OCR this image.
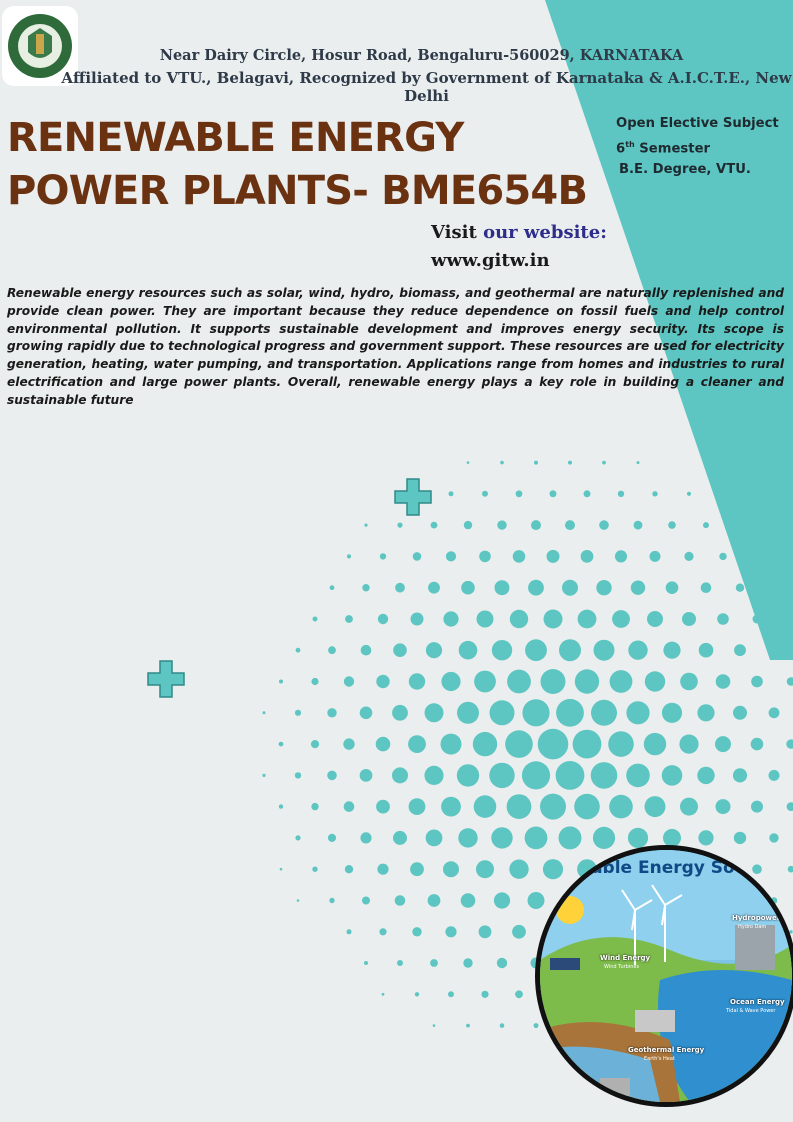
Near Dairy Circle, Hosur Road, Bengaluru-560029, KARNATAKA
Affiliated to VTU., Belagavi, Recognized by Government of Karnataka & A.I.C.T.E., New Delhi
RENEWABLE ENERGY
POWER PLANTS- BME654B
Open Elective Subject
6th Semester
B.E. Degree, VTU.
Visit our website:
www.gitw.in
Renewable energy resources such as solar, wind, hydro, biomass, and geothermal are naturally replenished and provide clean power. They are important because they reduce dependence on fossil fuels and help control environmental pollution. It supports sustainable development and improves energy security. Its scope is growing rapidly due to technological progress and government support. These resources are used for electricity generation, heating, water pumping, and transportation. Applications range from homes and industries to rural electrification and large power plants. Overall, renewable energy plays a key role in building a cleaner and sustainable future
vable Energy Sour
Hydropower
Hydro Dam
Wind Energy
Wind Turbines
Ocean Energy
Tidal & Wave Power
Geothermal Energy
Earth's Heat
